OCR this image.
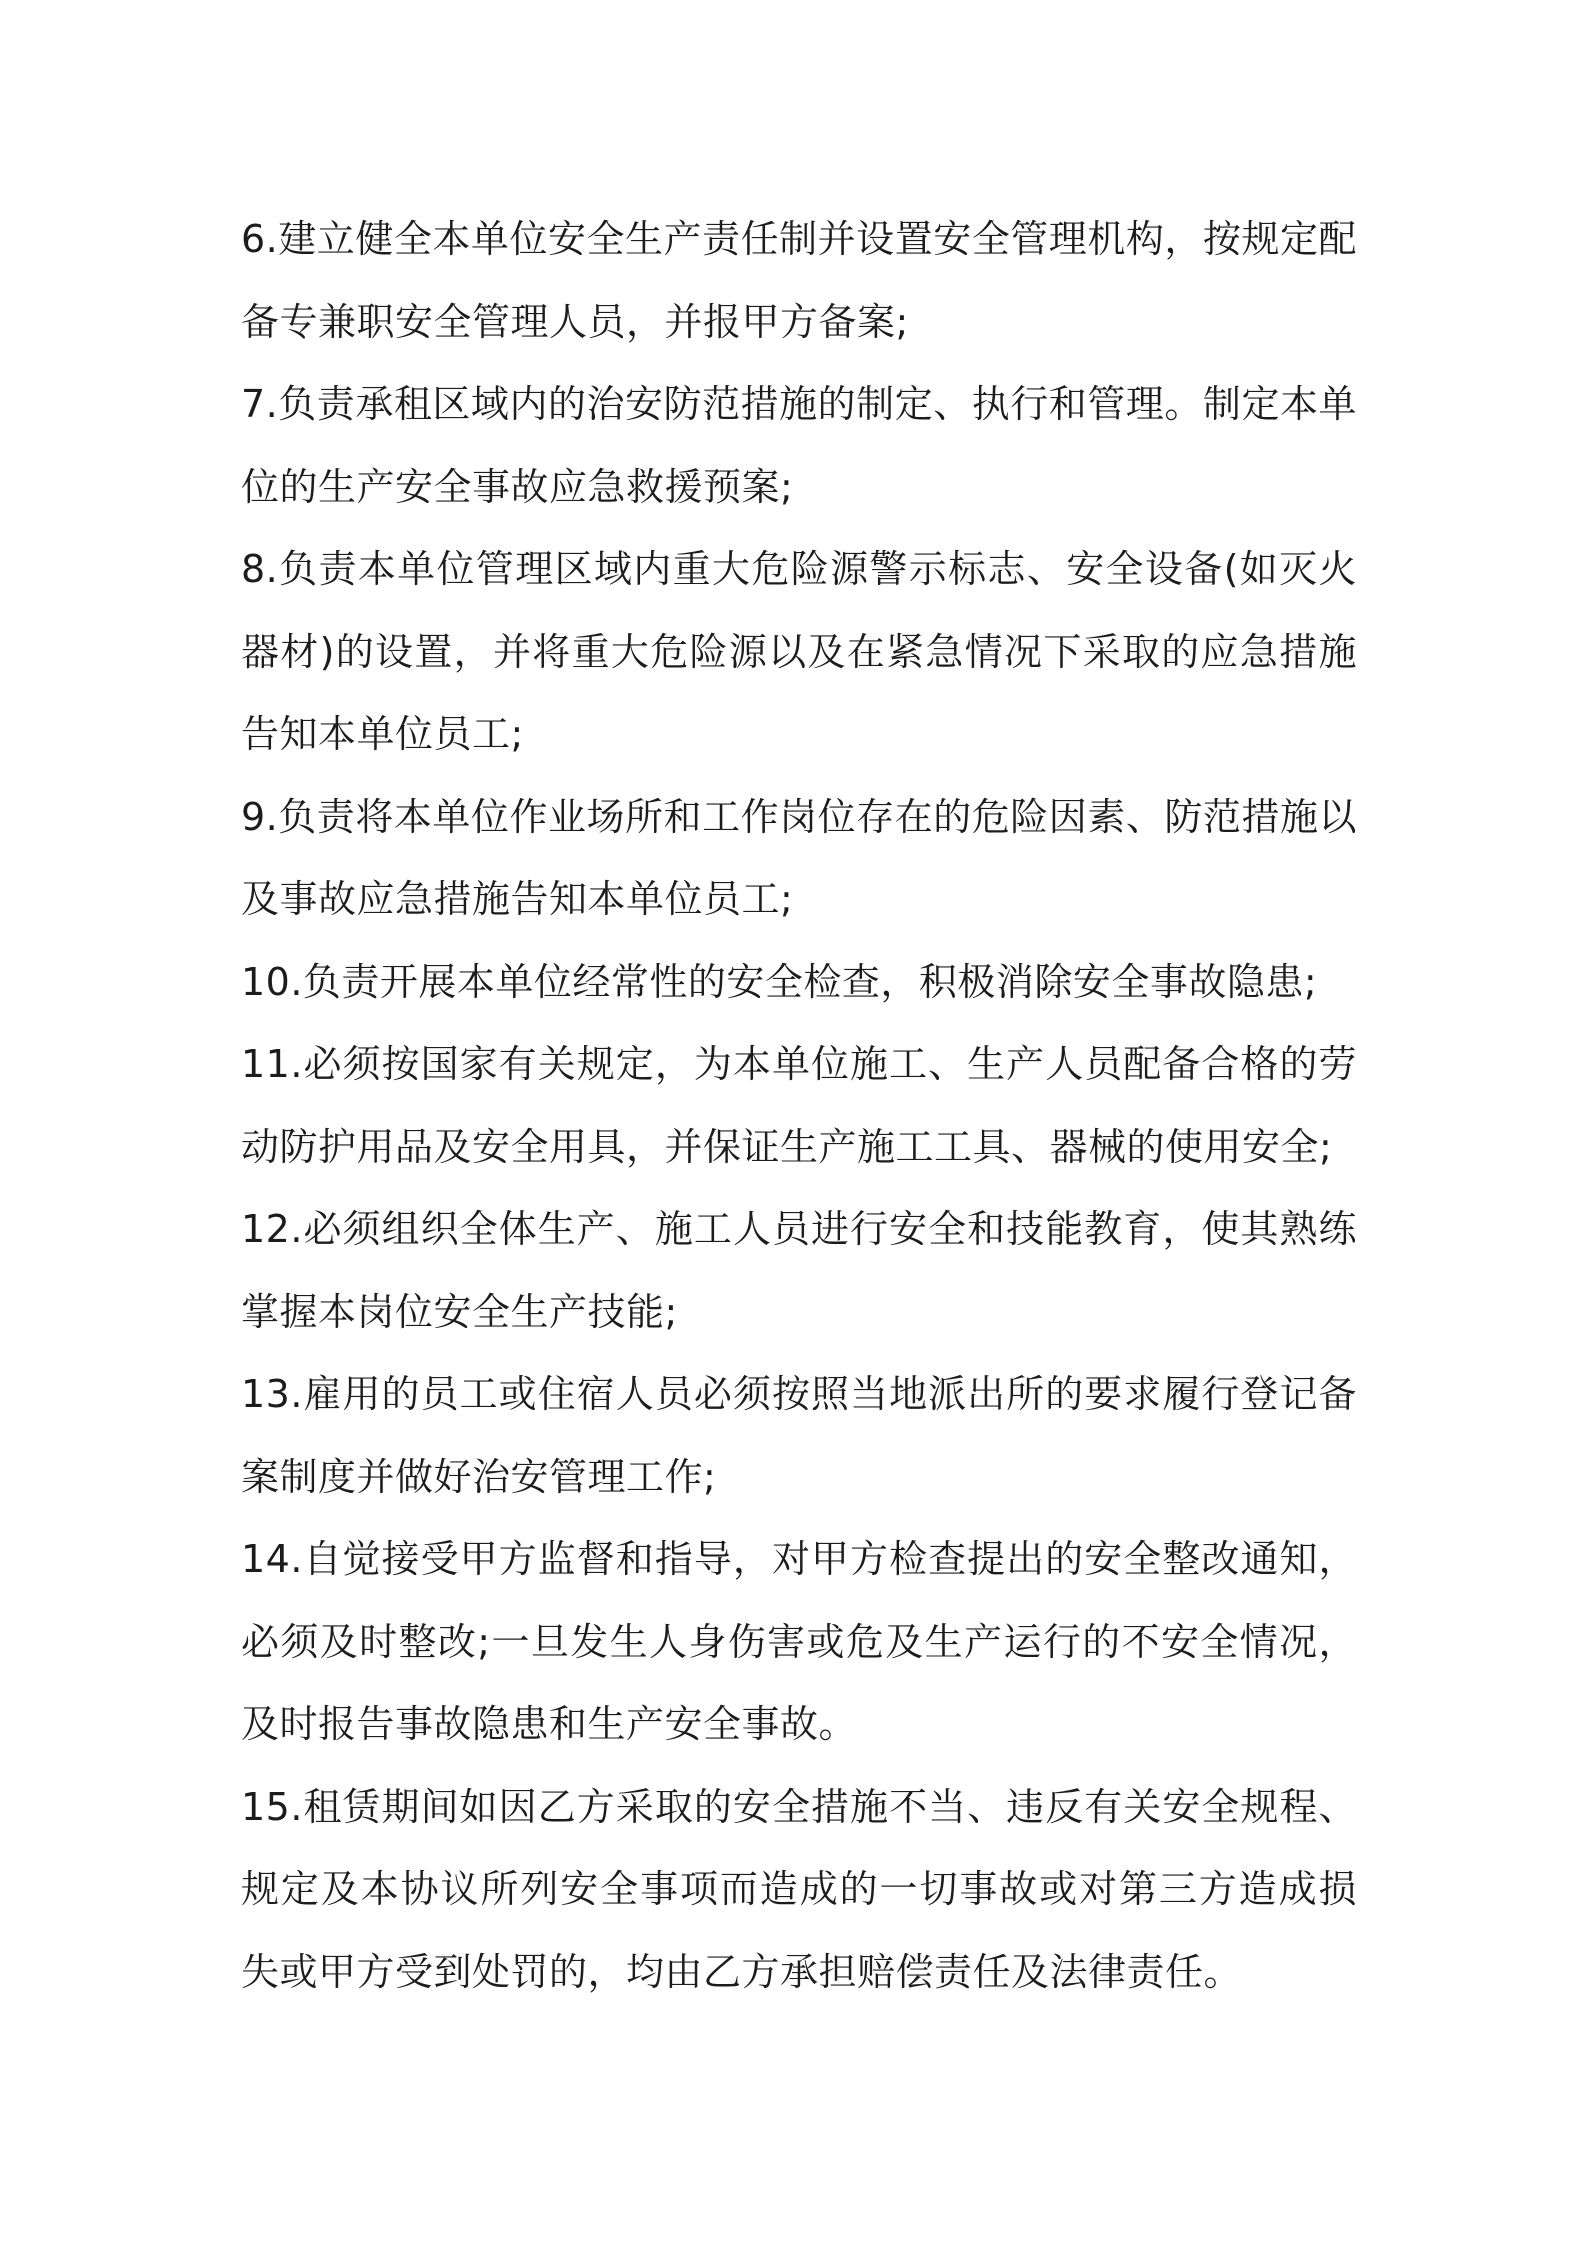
6.建立健全本单位安全生产责任制并设置安全管理机构，按规定配备专兼职安全管理人员，并报甲方备案;

7.负责承租区域内的治安防范措施的制定、执行和管理。制定本单位的生产安全事故应急救援预案;

8.负责本单位管理区域内重大危险源警示标志、安全设备(如灭火器材)的设置，并将重大危险源以及在紧急情况下采取的应急措施告知本单位员工;

9.负责将本单位作业场所和工作岗位存在的危险因素、防范措施以及事故应急措施告知本单位员工;

10.负责开展本单位经常性的安全检查，积极消除安全事故隐患;

11.必须按国家有关规定，为本单位施工、生产人员配备合格的劳动防护用品及安全用具，并保证生产施工工具、器械的使用安全;

12.必须组织全体生产、施工人员进行安全和技能教育，使其熟练掌握本岗位安全生产技能;

13.雇用的员工或住宿人员必须按照当地派出所的要求履行登记备案制度并做好治安管理工作;

14.自觉接受甲方监督和指导，对甲方检查提出的安全整改通知，必须及时整改;一旦发生人身伤害或危及生产运行的不安全情况，及时报告事故隐患和生产安全事故。

15.租赁期间如因乙方采取的安全措施不当、违反有关安全规程、规定及本协议所列安全事项而造成的一切事故或对第三方造成损失或甲方受到处罚的，均由乙方承担赔偿责任及法律责任。
